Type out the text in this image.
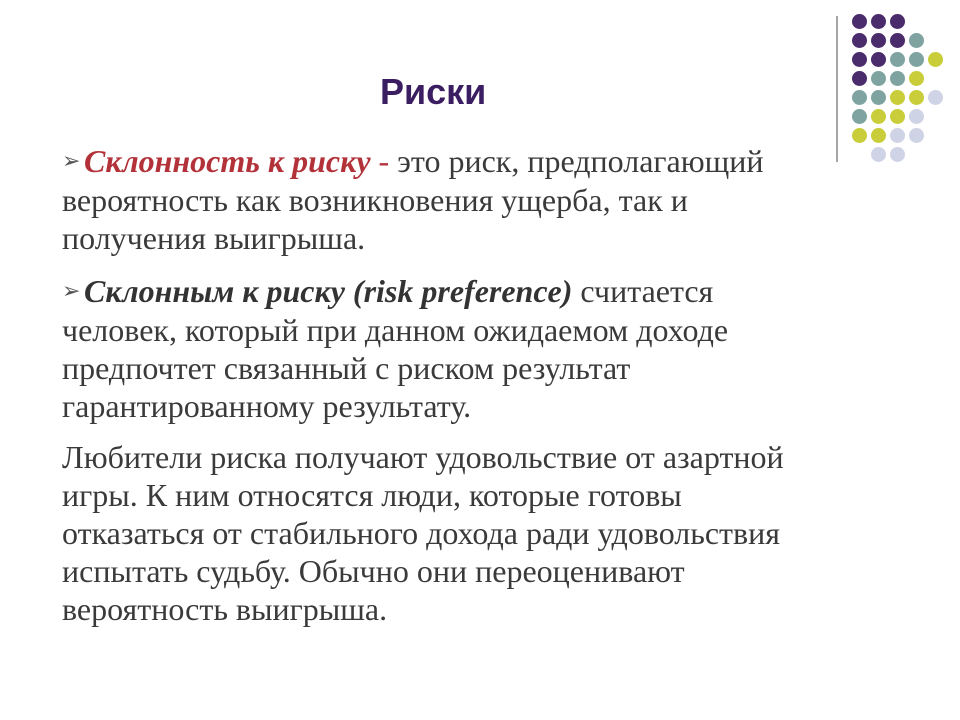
Риски

➢ Склонность к риску - это риск, предполагающий
вероятность как возникновения ущерба, так и
получения выигрыша.

➢ Склонным к риску (risk preference) считается
человек, который при данном ожидаемом доходе
предпочтет связанный с риском результат
гарантированному результату.

Любители риска получают удовольствие от азартной
игры. К ним относятся люди, которые готовы
отказаться от стабильного дохода ради удовольствия
испытать судьбу. Обычно они переоценивают
вероятность выигрыша.
